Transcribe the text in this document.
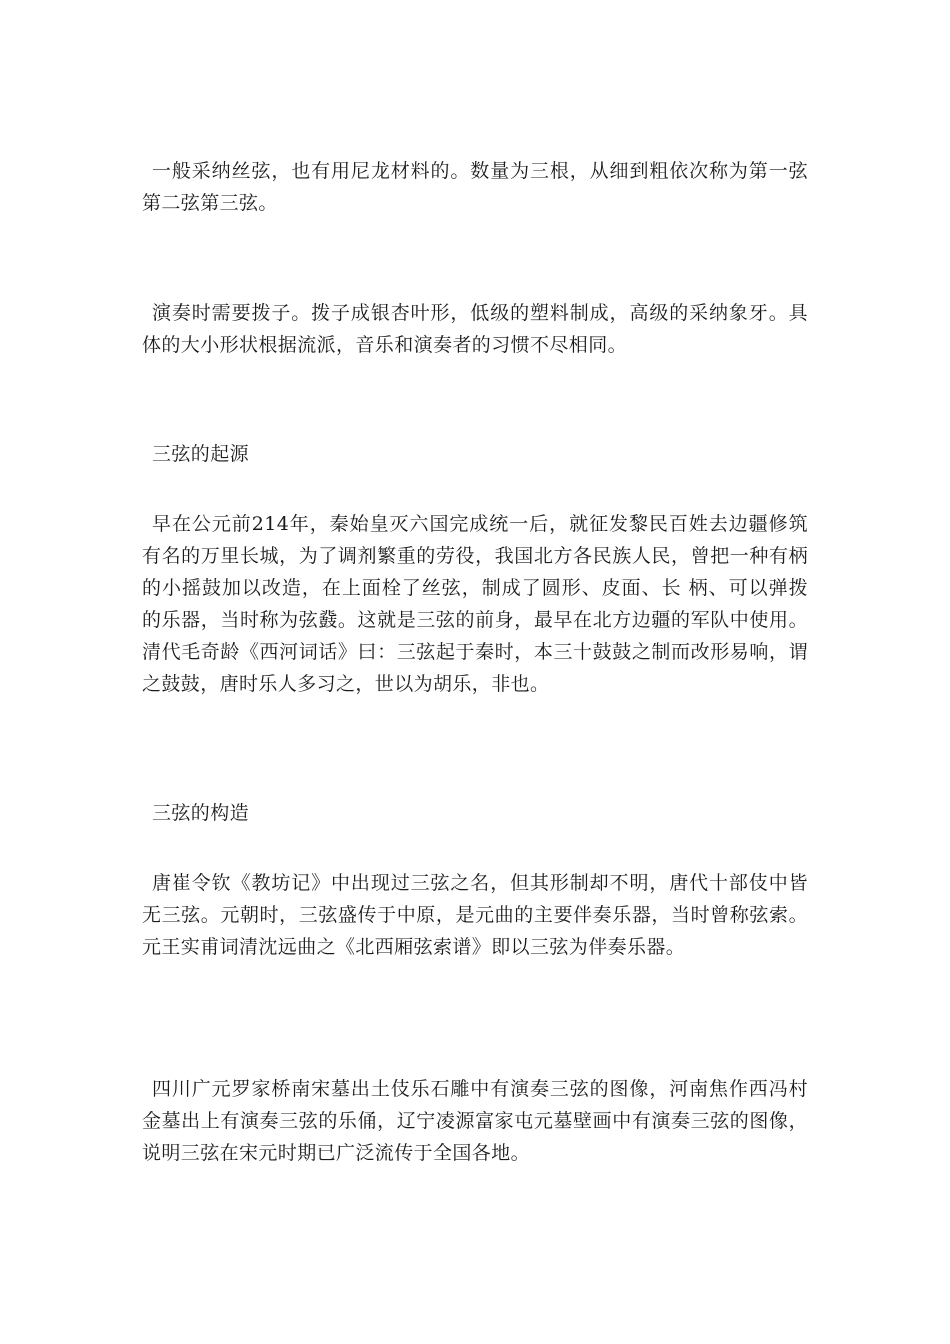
一般采纳丝弦，也有用尼龙材料的。数量为三根，从细到粗依次称为第一弦第二弦第三弦。

演奏时需要拨子。拨子成银杏叶形，低级的塑料制成，高级的采纳象牙。具体的大小形状根据流派，音乐和演奏者的习惯不尽相同。

三弦的起源

早在公元前214年，秦始皇灭六国完成统一后，就征发黎民百姓去边疆修筑有名的万里长城，为了调剂繁重的劳役，我国北方各民族人民，曾把一种有柄的小摇鼓加以改造，在上面栓了丝弦，制成了圆形、皮面、长 柄、可以弹拨的乐器，当时称为弦鼗。这就是三弦的前身，最早在北方边疆的军队中使用。清代毛奇龄《西河词话》曰：三弦起于秦时，本三十鼓鼓之制而改形易响，谓之鼓鼓，唐时乐人多习之，世以为胡乐，非也。

三弦的构造

唐崔令钦《教坊记》中出现过三弦之名，但其形制却不明，唐代十部伎中皆无三弦。元朝时，三弦盛传于中原，是元曲的主要伴奏乐器，当时曾称弦索。元王实甫词清沈远曲之《北西厢弦索谱》即以三弦为伴奏乐器。

四川广元罗家桥南宋墓出土伎乐石雕中有演奏三弦的图像，河南焦作西冯村金墓出上有演奏三弦的乐俑，辽宁凌源富家屯元墓壁画中有演奏三弦的图像，说明三弦在宋元时期已广泛流传于全国各地。
